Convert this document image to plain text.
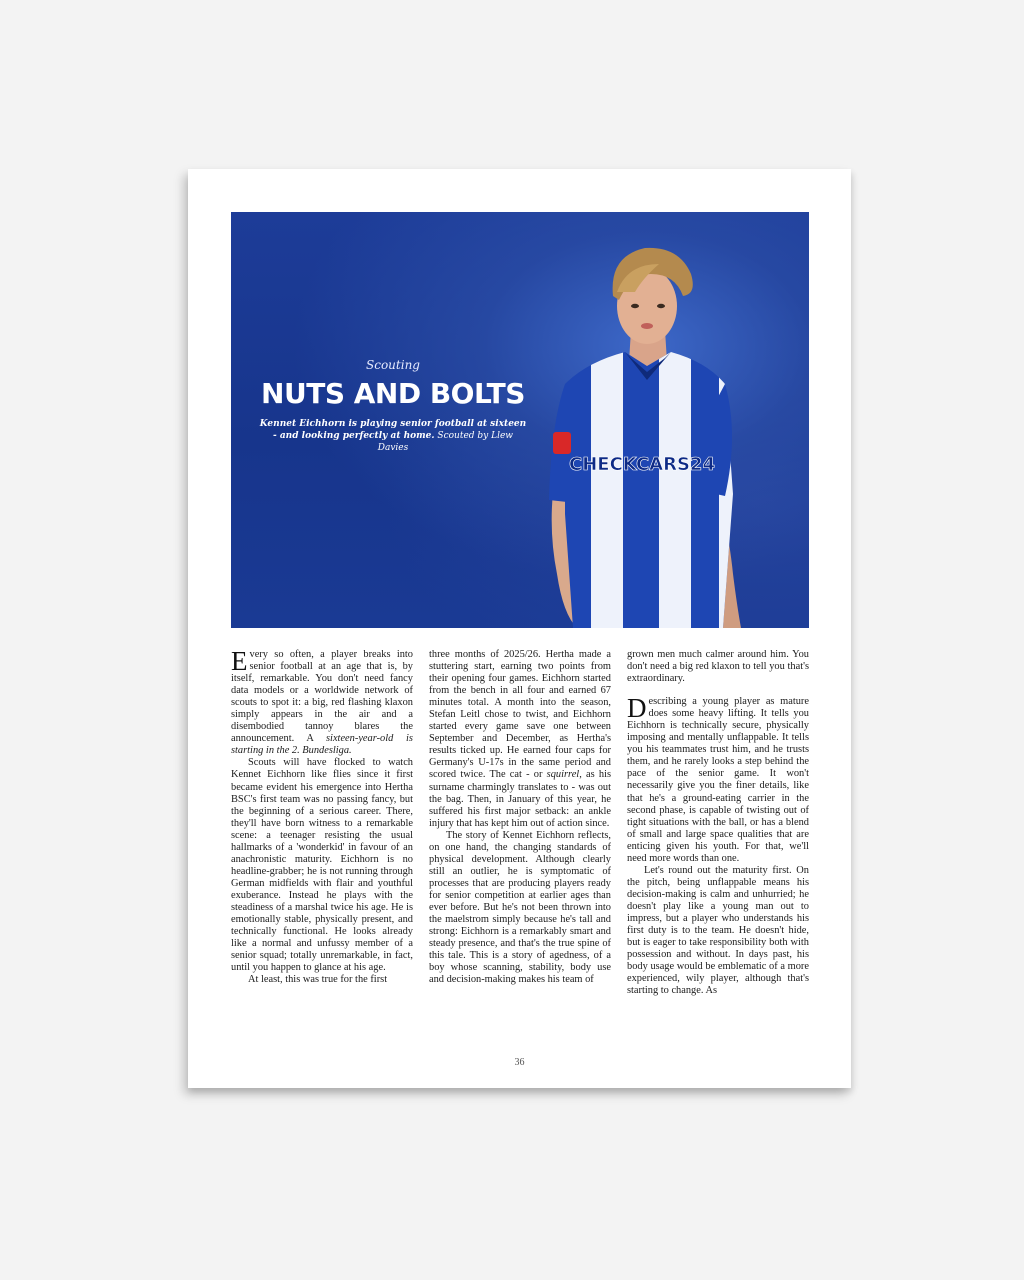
Scouting
NUTS AND BOLTS
Kennet Eichhorn is playing senior football at sixteen - and looking perfectly at home. Scouted by Llew Davies
CHECKCARS24

Every so often, a player breaks into senior football at an age that is, by itself, remarkable. You don't need fancy data models or a worldwide network of scouts to spot it: a big, red flashing klaxon simply appears in the air and a disembodied tannoy blares the announcement. A sixteen-year-old is starting in the 2. Bundesliga.

Scouts will have flocked to watch Kennet Eichhorn like flies since it first became evident his emergence into Hertha BSC's first team was no passing fancy, but the beginning of a serious career. There, they'll have born witness to a remarkable scene: a teenager resisting the usual hallmarks of a 'wonderkid' in favour of an anachronistic maturity. Eichhorn is no headline-grabber; he is not running through German midfields with flair and youthful exuberance. Instead he plays with the steadiness of a marshal twice his age. He is emotionally stable, physically present, and technically functional. He looks already like a normal and unfussy member of a senior squad; totally unremarkable, in fact, until you happen to glance at his age.

At least, this was true for the first

three months of 2025/26. Hertha made a stuttering start, earning two points from their opening four games. Eichhorn started from the bench in all four and earned 67 minutes total. A month into the season, Stefan Leitl chose to twist, and Eichhorn started every game save one between September and December, as Hertha's results ticked up. He earned four caps for Germany's U-17s in the same period and scored twice. The cat - or squirrel, as his surname charmingly translates to - was out the bag. Then, in January of this year, he suffered his first major setback: an ankle injury that has kept him out of action since.

The story of Kennet Eichhorn reflects, on one hand, the changing standards of physical development. Although clearly still an outlier, he is symptomatic of processes that are producing players ready for senior competition at earlier ages than ever before. But he's not been thrown into the maelstrom simply because he's tall and strong: Eichhorn is a remarkably smart and steady presence, and that's the true spine of this tale. This is a story of agedness, of a boy whose scanning, stability, body use and decision-making makes his team of

grown men much calmer around him. You don't need a big red klaxon to tell you that's extraordinary.

Describing a young player as mature does some heavy lifting. It tells you Eichhorn is technically secure, physically imposing and mentally unflappable. It tells you his teammates trust him, and he trusts them, and he rarely looks a step behind the pace of the senior game. It won't necessarily give you the finer details, like that he's a ground-eating carrier in the second phase, is capable of twisting out of tight situations with the ball, or has a blend of small and large space qualities that are enticing given his youth. For that, we'll need more words than one.

Let's round out the maturity first. On the pitch, being unflappable means his decision-making is calm and unhurried; he doesn't play like a young man out to impress, but a player who understands his first duty is to the team. He doesn't hide, but is eager to take responsibility both with possession and without. In days past, his body usage would be emblematic of a more experienced, wily player, although that's starting to change. As

36
